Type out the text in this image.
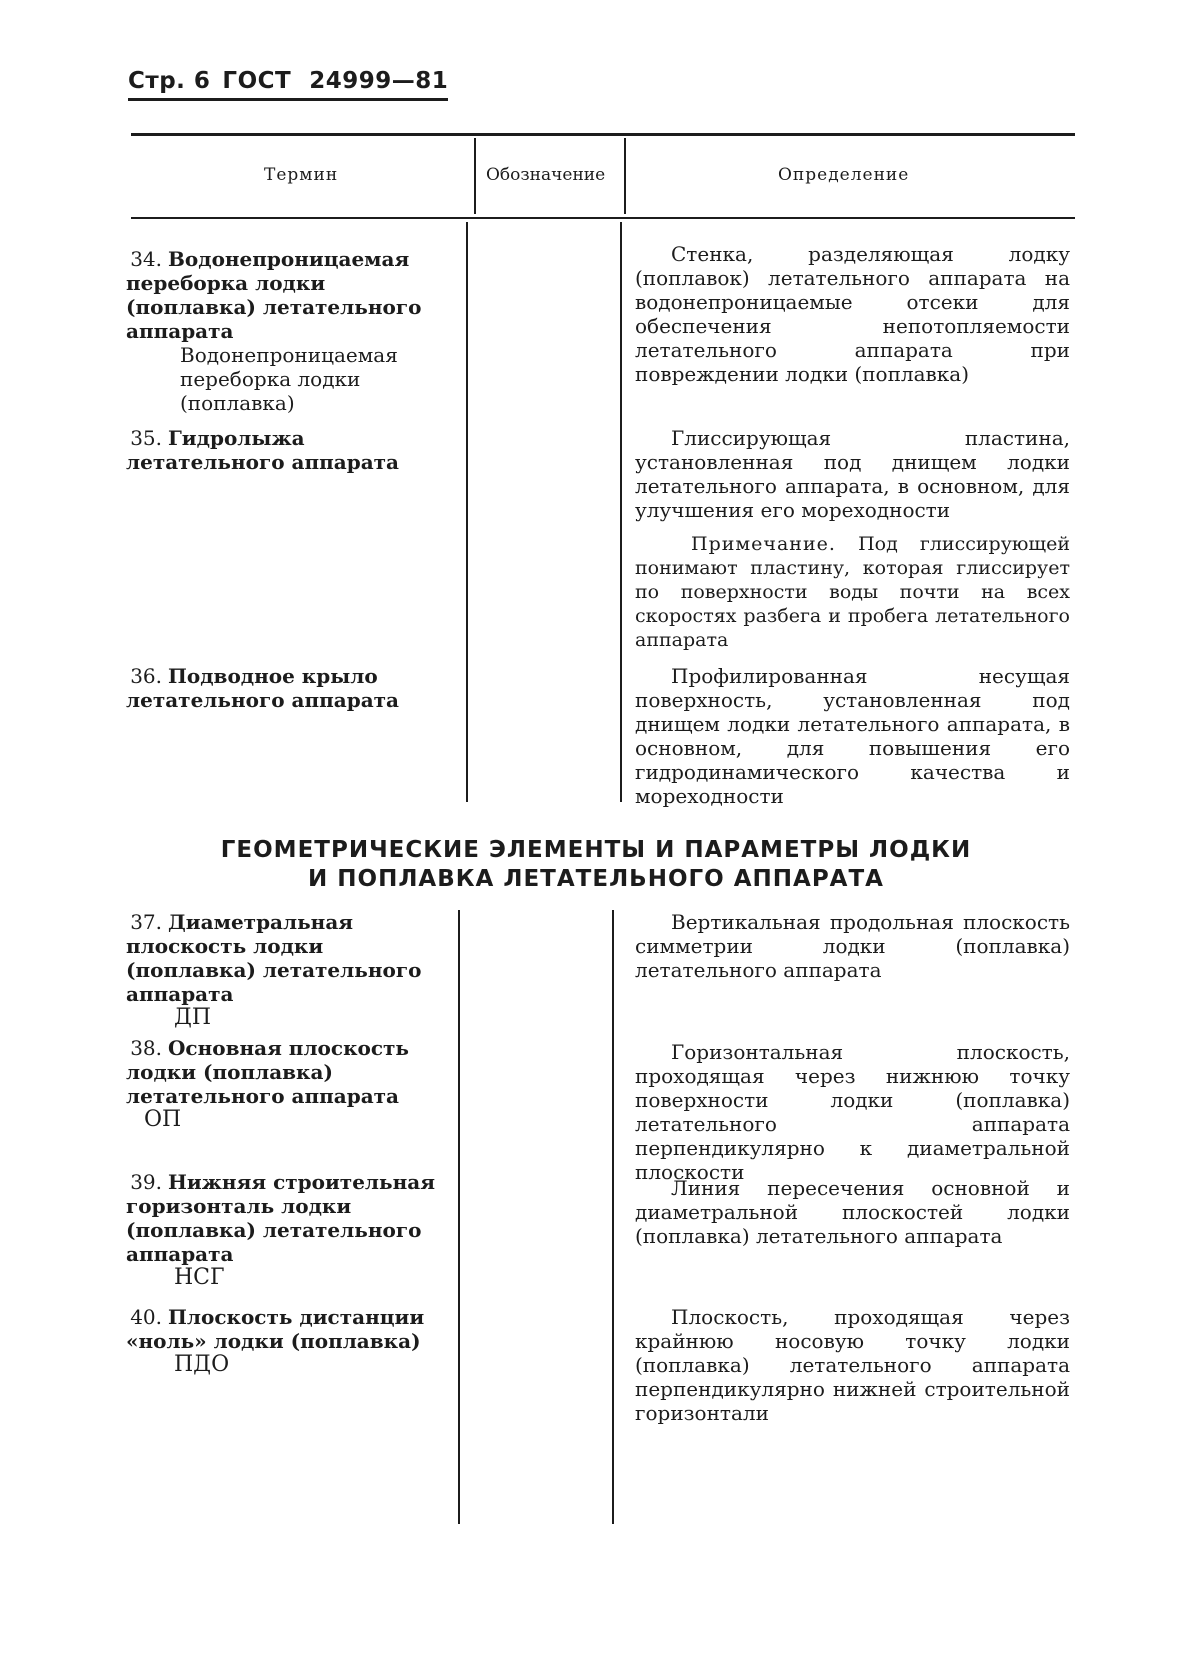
Стр. 6 ГОСТ 24999—81
Термин	Обозначение	Определение
34. Водонепроницаемая переборка лодки (поплавка) летательного аппарата
Водонепроницаемая переборка лодки (поплавка)
Стенка, разделяющая лодку (поплавок) летательного аппарата на водонепроницаемые отсеки для обеспечения непотопляемости летательного аппарата при повреждении лодки (поплавка)
35. Гидролыжа летательного аппарата
Глиссирующая пластина, установленная под днищем лодки летательного аппарата, в основном, для улучшения его мореходности
Примечание. Под глиссирующей понимают пластину, которая глиссирует по поверхности воды почти на всех скоростях разбега и пробега летательного аппарата
36. Подводное крыло летательного аппарата
Профилированная несущая поверхность, установленная под днищем лодки летательного аппарата, в основном, для повышения его гидродинамического качества и мореходности
ГЕОМЕТРИЧЕСКИЕ ЭЛЕМЕНТЫ И ПАРАМЕТРЫ ЛОДКИ
И ПОПЛАВКА ЛЕТАТЕЛЬНОГО АППАРАТА
37. Диаметральная плоскость лодки (поплавка) летательного аппарата
ДП
Вертикальная продольная плоскость симметрии лодки (поплавка) летательного аппарата
38. Основная плоскость лодки (поплавка) летательного аппарата
ОП
Горизонтальная плоскость, проходящая через нижнюю точку поверхности лодки (поплавка) летательного аппарата перпендикулярно к диаметральной плоскости
39. Нижняя строительная горизонталь лодки (поплавка) летательного аппарата
НСГ
Линия пересечения основной и диаметральной плоскостей лодки (поплавка) летательного аппарата
40. Плоскость дистанции «ноль» лодки (поплавка)
ПДО
Плоскость, проходящая через крайнюю носовую точку лодки (поплавка) летательного аппарата перпендикулярно нижней строительной горизонтали
